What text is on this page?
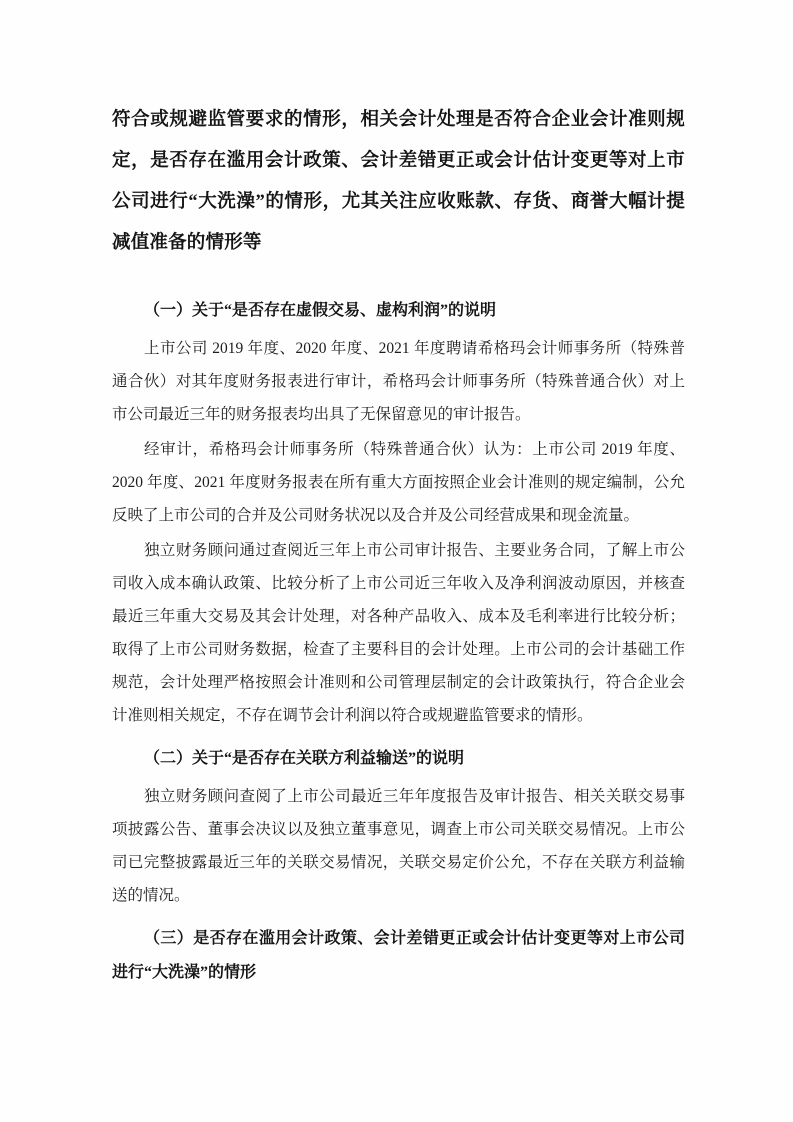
符合或规避监管要求的情形，相关会计处理是否符合企业会计准则规定，是否存在滥用会计政策、会计差错更正或会计估计变更等对上市公司进行“大洗澡”的情形，尤其关注应收账款、存货、商誉大幅计提减值准备的情形等
（一）关于“是否存在虚假交易、虚构利润”的说明

上市公司 2019 年度、2020 年度、2021 年度聘请希格玛会计师事务所（特殊普通合伙）对其年度财务报表进行审计，希格玛会计师事务所（特殊普通合伙）对上市公司最近三年的财务报表均出具了无保留意见的审计报告。

经审计，希格玛会计师事务所（特殊普通合伙）认为：上市公司 2019 年度、2020 年度、2021 年度财务报表在所有重大方面按照企业会计准则的规定编制，公允反映了上市公司的合并及公司财务状况以及合并及公司经营成果和现金流量。

独立财务顾问通过查阅近三年上市公司审计报告、主要业务合同，了解上市公司收入成本确认政策、比较分析了上市公司近三年收入及净利润波动原因，并核查最近三年重大交易及其会计处理，对各种产品收入、成本及毛利率进行比较分析；取得了上市公司财务数据，检查了主要科目的会计处理。上市公司的会计基础工作规范，会计处理严格按照会计准则和公司管理层制定的会计政策执行，符合企业会计准则相关规定，不存在调节会计利润以符合或规避监管要求的情形。

（二）关于“是否存在关联方利益输送”的说明

独立财务顾问查阅了上市公司最近三年年度报告及审计报告、相关关联交易事项披露公告、董事会决议以及独立董事意见，调查上市公司关联交易情况。上市公司已完整披露最近三年的关联交易情况，关联交易定价公允，不存在关联方利益输送的情况。

（三）是否存在滥用会计政策、会计差错更正或会计估计变更等对上市公司进行“大洗澡”的情形
